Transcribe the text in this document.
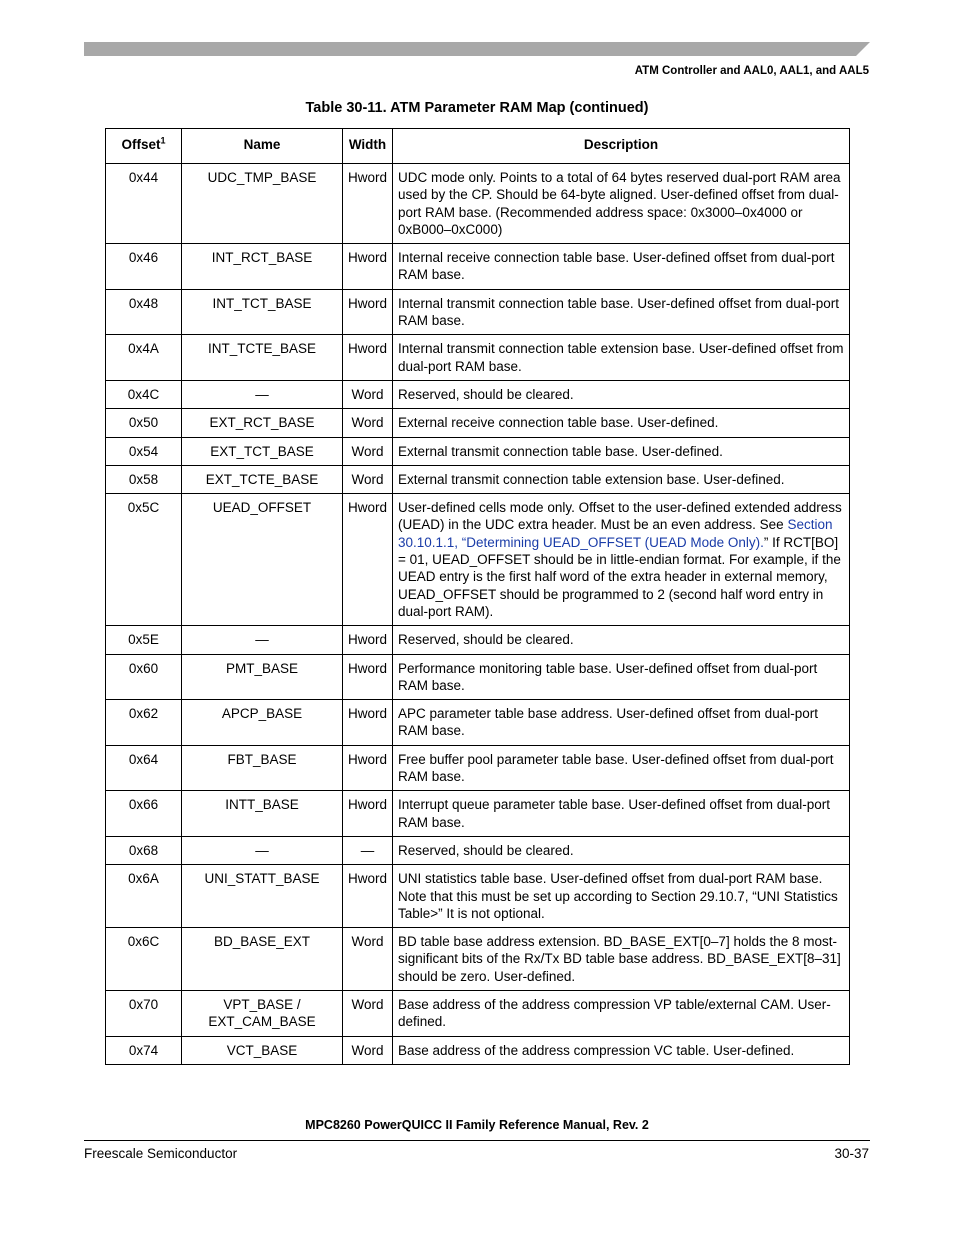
ATM Controller and AAL0, AAL1, and AAL5
Table 30-11. ATM Parameter RAM Map (continued)
Offset$^1$	Name	Width	Description
0x44	UDC_TMP_BASE	Hword	UDC mode only. Points to a total of 64 bytes reserved dual-port RAM area used by the CP. Should be 64-byte aligned. User-defined offset from dual-port RAM base. (Recommended address space: 0x3000–0x4000 or 0xB000–0xC000)
0x46	INT_RCT_BASE	Hword	Internal receive connection table base. User-defined offset from dual-port RAM base.
0x48	INT_TCT_BASE	Hword	Internal transmit connection table base. User-defined offset from dual-port RAM base.
0x4A	INT_TCTE_BASE	Hword	Internal transmit connection table extension base. User-defined offset from dual-port RAM base.
0x4C	—	Word	Reserved, should be cleared.
0x50	EXT_RCT_BASE	Word	External receive connection table base. User-defined.
0x54	EXT_TCT_BASE	Word	External transmit connection table base. User-defined.
0x58	EXT_TCTE_BASE	Word	External transmit connection table extension base. User-defined.
0x5C	UEAD_OFFSET	Hword	User-defined cells mode only. Offset to the user-defined extended address (UEAD) in the UDC extra header. Must be an even address. See Section 30.10.1.1, “Determining UEAD_OFFSET (UEAD Mode Only).” If RCT[BO] = 01, UEAD_OFFSET should be in little-endian format. For example, if the UEAD entry is the first half word of the extra header in external memory, UEAD_OFFSET should be programmed to 2 (second half word entry in dual-port RAM).
0x5E	—	Hword	Reserved, should be cleared.
0x60	PMT_BASE	Hword	Performance monitoring table base. User-defined offset from dual-port RAM base.
0x62	APCP_BASE	Hword	APC parameter table base address. User-defined offset from dual-port RAM base.
0x64	FBT_BASE	Hword	Free buffer pool parameter table base. User-defined offset from dual-port RAM base.
0x66	INTT_BASE	Hword	Interrupt queue parameter table base. User-defined offset from dual-port RAM base.
0x68	—	—	Reserved, should be cleared.
0x6A	UNI_STATT_BASE	Hword	UNI statistics table base. User-defined offset from dual-port RAM base. Note that this must be set up according to Section 29.10.7, “UNI Statistics Table>” It is not optional.
0x6C	BD_BASE_EXT	Word	BD table base address extension. BD_BASE_EXT[0–7] holds the 8 most-significant bits of the Rx/Tx BD table base address. BD_BASE_EXT[8–31] should be zero. User-defined.
0x70	VPT_BASE /
EXT_CAM_BASE	Word	Base address of the address compression VP table/external CAM. User-defined.
0x74	VCT_BASE	Word	Base address of the address compression VC table. User-defined.
MPC8260 PowerQUICC II Family Reference Manual, Rev. 2
Freescale Semiconductor	30-37
